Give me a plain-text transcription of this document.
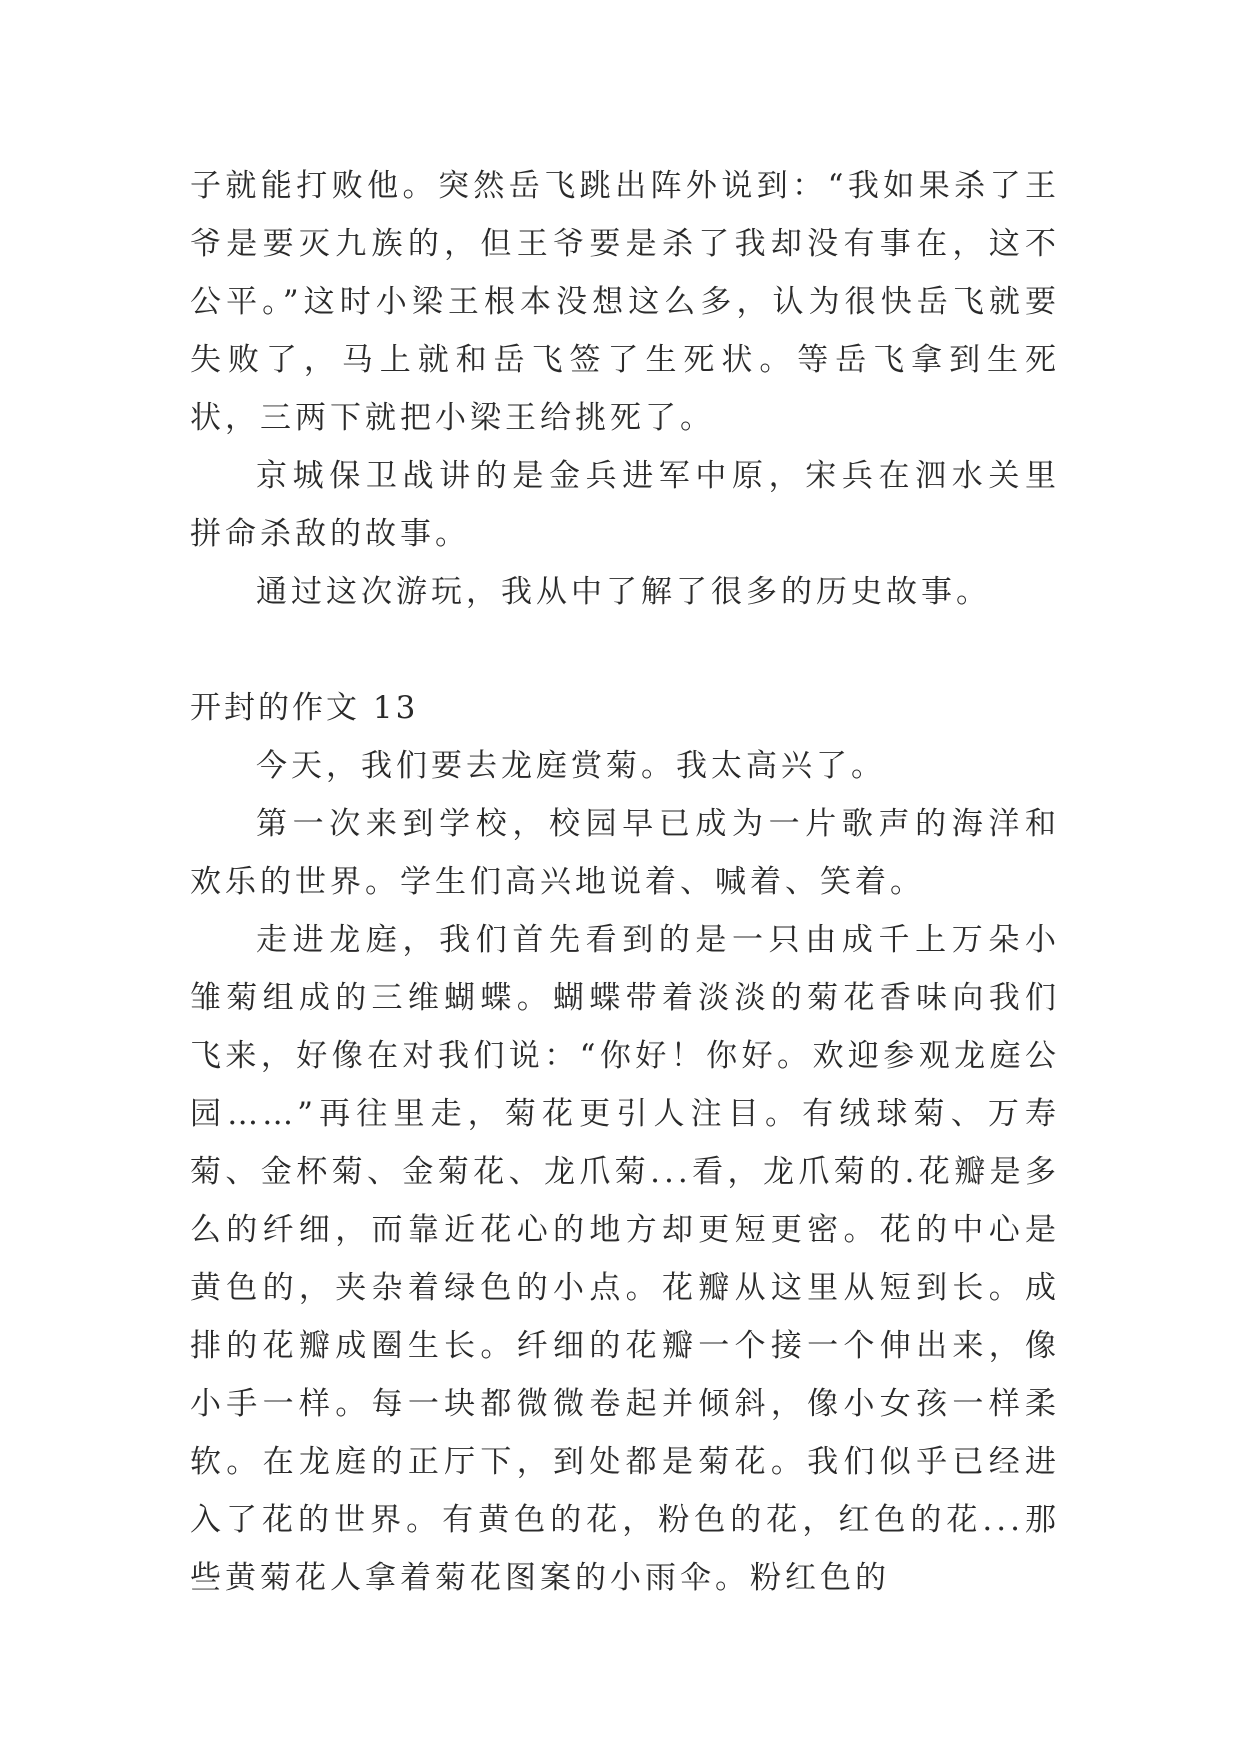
子就能打败他。突然岳飞跳出阵外说到：“我如果杀了王爷是要灭九族的，但王爷要是杀了我却没有事在，这不公平。”这时小梁王根本没想这么多，认为很快岳飞就要失败了，马上就和岳飞签了生死状。等岳飞拿到生死状，三两下就把小梁王给挑死了。

京城保卫战讲的是金兵进军中原，宋兵在泗水关里拼命杀敌的故事。

通过这次游玩，我从中了解了很多的历史故事。

开封的作文 13

今天，我们要去龙庭赏菊。我太高兴了。

第一次来到学校，校园早已成为一片歌声的海洋和欢乐的世界。学生们高兴地说着、喊着、笑着。

走进龙庭，我们首先看到的是一只由成千上万朵小雏菊组成的三维蝴蝶。蝴蝶带着淡淡的菊花香味向我们飞来，好像在对我们说：“你好！你好。欢迎参观龙庭公园……”再往里走，菊花更引人注目。有绒球菊、万寿菊、金杯菊、金菊花、龙爪菊...看，龙爪菊的.花瓣是多么的纤细，而靠近花心的地方却更短更密。花的中心是黄色的，夹杂着绿色的小点。花瓣从这里从短到长。成排的花瓣成圈生长。纤细的花瓣一个接一个伸出来，像小手一样。每一块都微微卷起并倾斜，像小女孩一样柔软。在龙庭的正厅下，到处都是菊花。我们似乎已经进入了花的世界。有黄色的花，粉色的花，红色的花...那些黄菊花人拿着菊花图案的小雨伞。粉红色的
